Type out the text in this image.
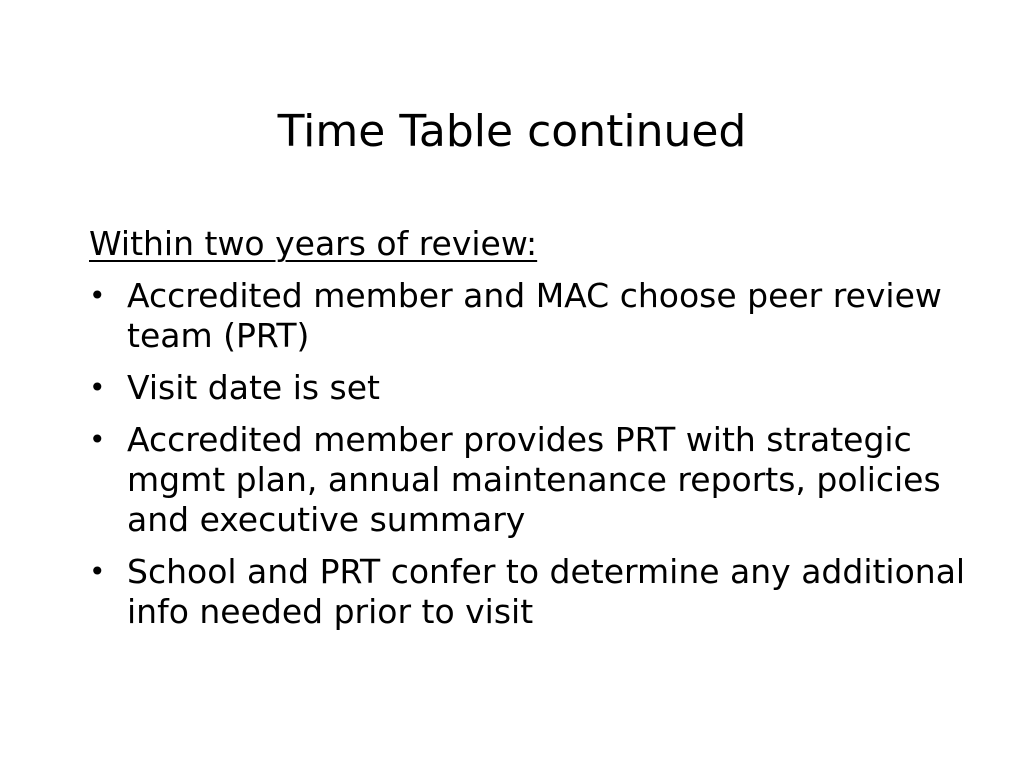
Time Table continued
Within two years of review:
• Accredited member and MAC choose peer review team (PRT)
• Visit date is set
• Accredited member provides PRT with strategic mgmt plan, annual maintenance reports, policies and executive summary
• School and PRT confer to determine any additional info needed prior to visit
